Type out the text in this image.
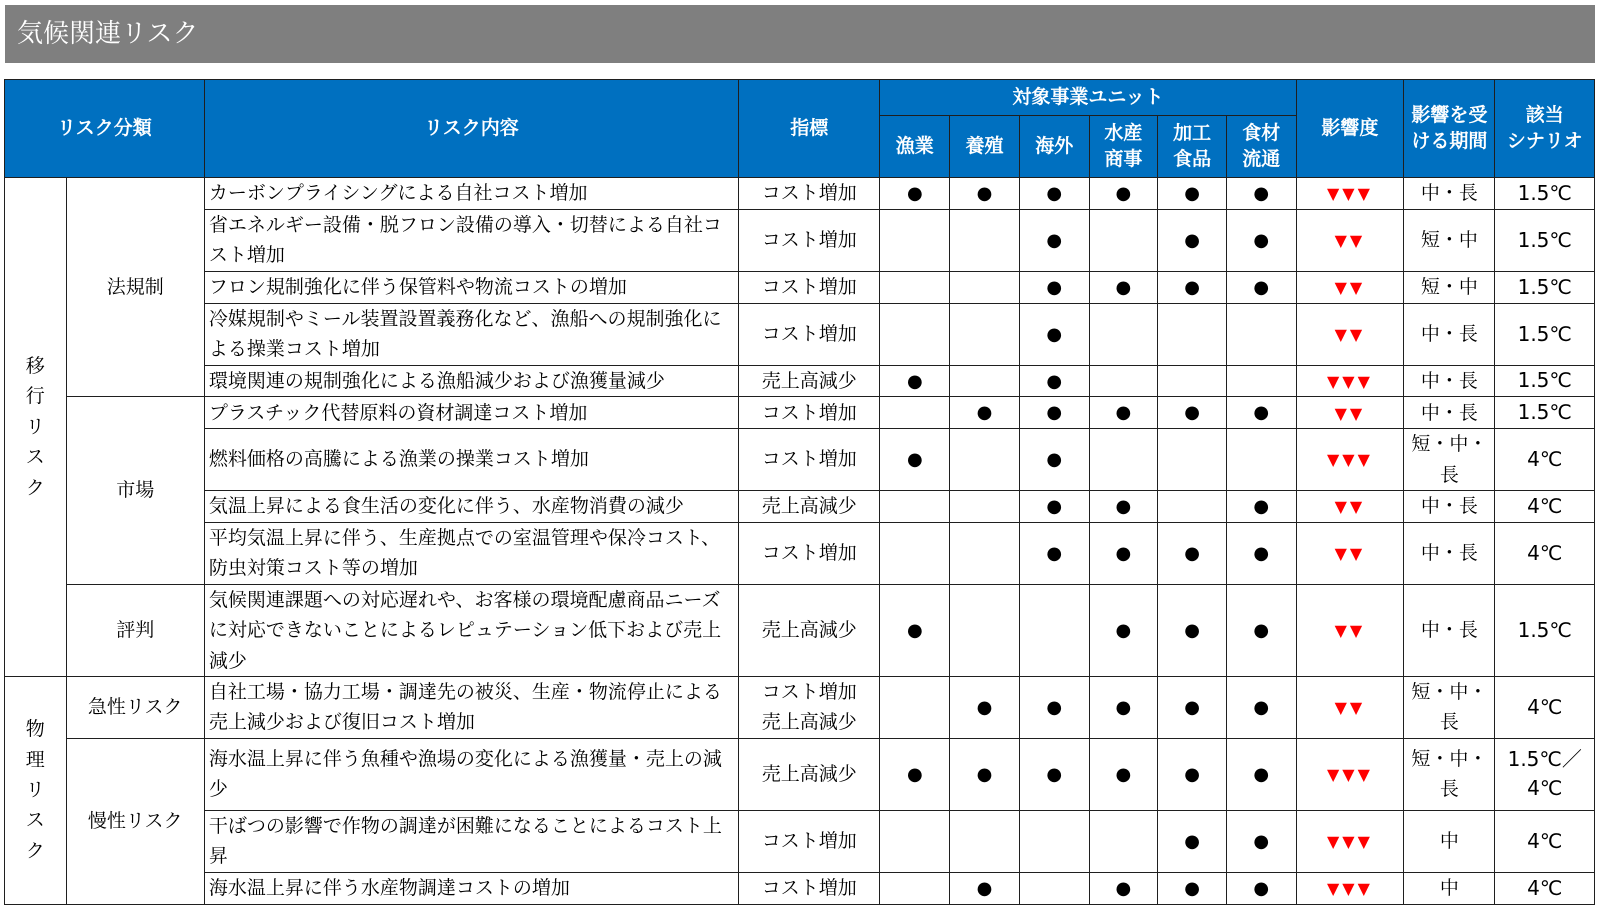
気候関連リスク
リスク分類		リスク内容	指標	対象事業ユニット						影響度	影響を受
ける期間	該当
シナリオ

				漁業	養殖	海外	水産
商事	加工
食品	食材
流通			

移行リスク	法規制	カーボンプライシングによる自社コスト増加	コスト増加	●	●	●	●	●	●	▼▼▼	中・長	1.5℃

		省エネルギー設備・脱フロン設備の導入・切替による自社コスト増加	コスト増加			●		●	●	▼▼	短・中	1.5℃

		フロン規制強化に伴う保管料や物流コストの増加	コスト増加			●	●	●	●	▼▼	短・中	1.5℃

		冷媒規制やミール装置設置義務化など、漁船への規制強化による操業コスト増加	コスト増加			●				▼▼	中・長	1.5℃

		環境関連の規制強化による漁船減少および漁獲量減少	売上高減少	●		●				▼▼▼	中・長	1.5℃

	市場	プラスチック代替原料の資材調達コスト増加	コスト増加		●	●	●	●	●	▼▼	中・長	1.5℃

		燃料価格の高騰による漁業の操業コスト増加	コスト増加	●		●				▼▼▼	短・中・長	4℃

		気温上昇による食生活の変化に伴う、水産物消費の減少	売上高減少			●	●		●	▼▼	中・長	4℃

		平均気温上昇に伴う、生産拠点での室温管理や保冷コスト、防虫対策コスト等の増加	コスト増加			●	●	●	●	▼▼	中・長	4℃

	評判	気候関連課題への対応遅れや、お客様の環境配慮商品ニーズに対応できないことによるレピュテーション低下および売上減少	売上高減少	●			●	●	●	▼▼	中・長	1.5℃

物理リスク	急性リスク	自社工場・協力工場・調達先の被災、生産・物流停止による売上減少および復旧コスト増加	コスト増加
売上高減少		●	●	●	●	●	▼▼	短・中・長	4℃

	慢性リスク	海水温上昇に伴う魚種や漁場の変化による漁獲量・売上の減少	売上高減少	●	●	●	●	●	●	▼▼▼	短・中・長	1.5℃／
4℃

		干ばつの影響で作物の調達が困難になることによるコスト上昇	コスト増加					●	●	▼▼▼	中	4℃

		海水温上昇に伴う水産物調達コストの増加	コスト増加		●		●	●	●	▼▼▼	中	4℃
